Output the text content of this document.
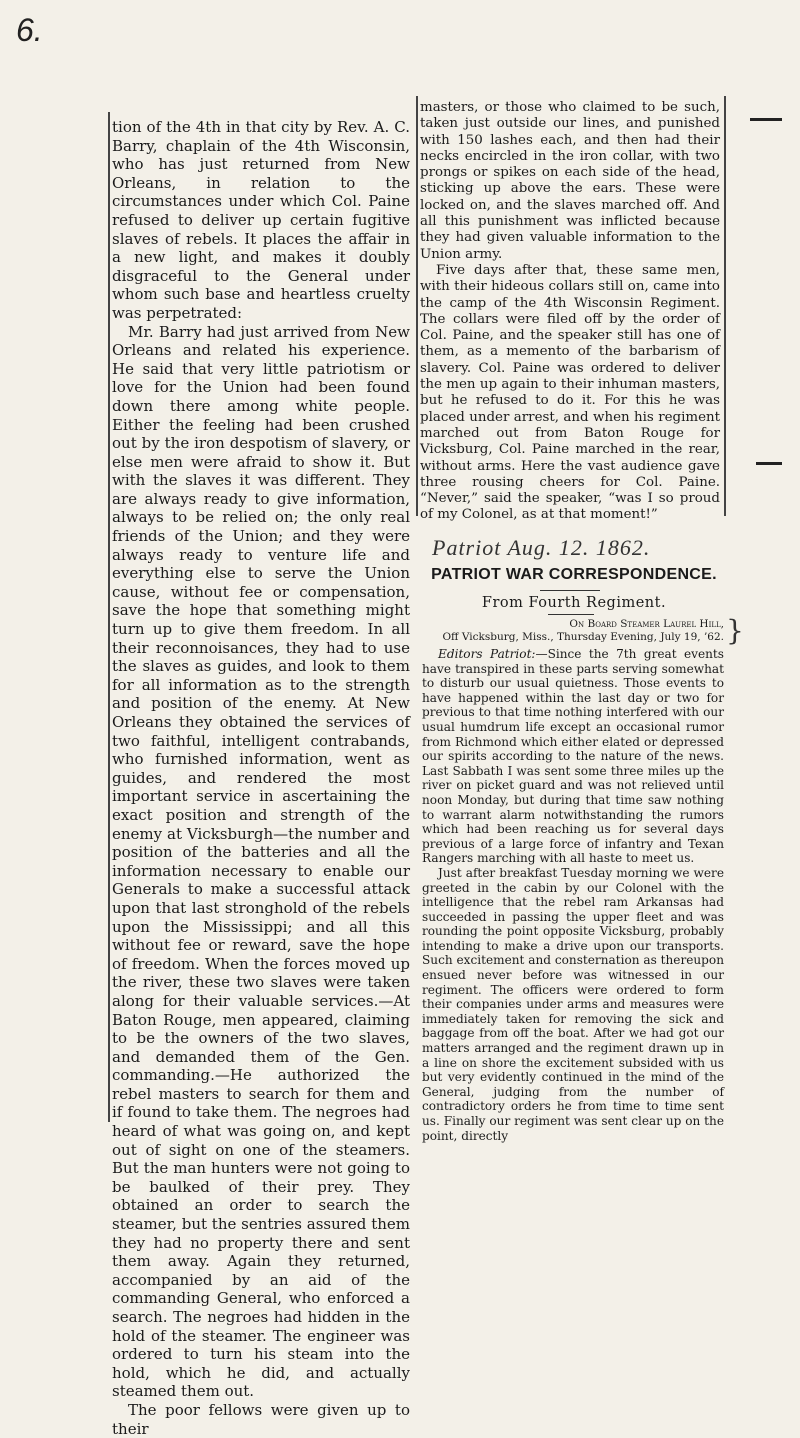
6.

tion of the 4th in that city by Rev. A. C. Barry, chaplain of the 4th Wisconsin, who has just returned from New Orleans, in relation to the circumstances under which Col. Paine refused to deliver up certain fugitive slaves of rebels. It places the affair in a new light, and makes it doubly disgraceful to the General under whom such base and heartless cruelty was perpetrated:

Mr. Barry had just arrived from New Orleans and related his experience. He said that very little patriotism or love for the Union had been found down there among white people. Either the feeling had been crushed out by the iron despotism of slavery, or else men were afraid to show it. But with the slaves it was different. They are always ready to give information, always to be relied on; the only real friends of the Union; and they were always ready to venture life and everything else to serve the Union cause, without fee or compensation, save the hope that something might turn up to give them freedom. In all their reconnoisances, they had to use the slaves as guides, and look to them for all information as to the strength and position of the enemy. At New Orleans they obtained the services of two faithful, intelligent contrabands, who furnished information, went as guides, and rendered the most important service in ascertaining the exact position and strength of the enemy at Vicksburgh—the number and position of the batteries and all the information necessary to enable our Generals to make a successful attack upon that last stronghold of the rebels upon the Mississippi; and all this without fee or reward, save the hope of freedom. When the forces moved up the river, these two slaves were taken along for their valuable services.—At Baton Rouge, men appeared, claiming to be the owners of the two slaves, and demanded them of the Gen. commanding.—He authorized the rebel masters to search for them and if found to take them. The negroes had heard of what was going on, and kept out of sight on one of the steamers. But the man hunters were not going to be baulked of their prey. They obtained an order to search the steamer, but the sentries assured them they had no property there and sent them away. Again they returned, accompanied by an aid of the commanding General, who enforced a search. The negroes had hidden in the hold of the steamer. The engineer was ordered to turn his steam into the hold, which he did, and actually steamed them out.

The poor fellows were given up to their

masters, or those who claimed to be such, taken just outside our lines, and punished with 150 lashes each, and then had their necks encircled in the iron collar, with two prongs or spikes on each side of the head, sticking up above the ears. These were locked on, and the slaves marched off. And all this punishment was inflicted because they had given valuable information to the Union army.

Five days after that, these same men, with their hideous collars still on, came into the camp of the 4th Wisconsin Regiment. The collars were filed off by the order of Col. Paine, and the speaker still has one of them, as a memento of the barbarism of slavery. Col. Paine was ordered to deliver the men up again to their inhuman masters, but he refused to do it. For this he was placed under arrest, and when his regiment marched out from Baton Rouge for Vicksburg, Col. Paine marched in the rear, without arms. Here the vast audience gave three rousing cheers for Col. Paine. “Never,” said the speaker, “was I so proud of my Colonel, as at that moment!”

Patriot Aug. 12. 1862.
PATRIOT WAR CORRESPONDENCE.
From Fourth Regiment.
On Board Steamer Laurel Hill,
Off Vicksburg, Miss., Thursday Evening, July 19, ’62. }

Editors Patriot:—Since the 7th great events have transpired in these parts serving somewhat to disturb our usual quietness. Those events to have happened within the last day or two for previous to that time nothing interfered with our usual humdrum life except an occasional rumor from Richmond which either elated or depressed our spirits according to the nature of the news. Last Sabbath I was sent some three miles up the river on picket guard and was not relieved until noon Monday, but during that time saw nothing to warrant alarm notwithstanding the rumors which had been reaching us for several days previous of a large force of infantry and Texan Rangers marching with all haste to meet us.

Just after breakfast Tuesday morning we were greeted in the cabin by our Colonel with the intelligence that the rebel ram Arkansas had succeeded in passing the upper fleet and was rounding the point opposite Vicksburg, probably intending to make a drive upon our transports. Such excitement and consternation as thereupon ensued never before was witnessed in our regiment. The officers were ordered to form their companies under arms and measures were immediately taken for removing the sick and baggage from off the boat. After we had got our matters arranged and the regiment drawn up in a line on shore the excitement subsided with us but very evidently continued in the mind of the General, judging from the number of contradictory orders he from time to time sent us. Finally our regiment was sent clear up on the point, directly
